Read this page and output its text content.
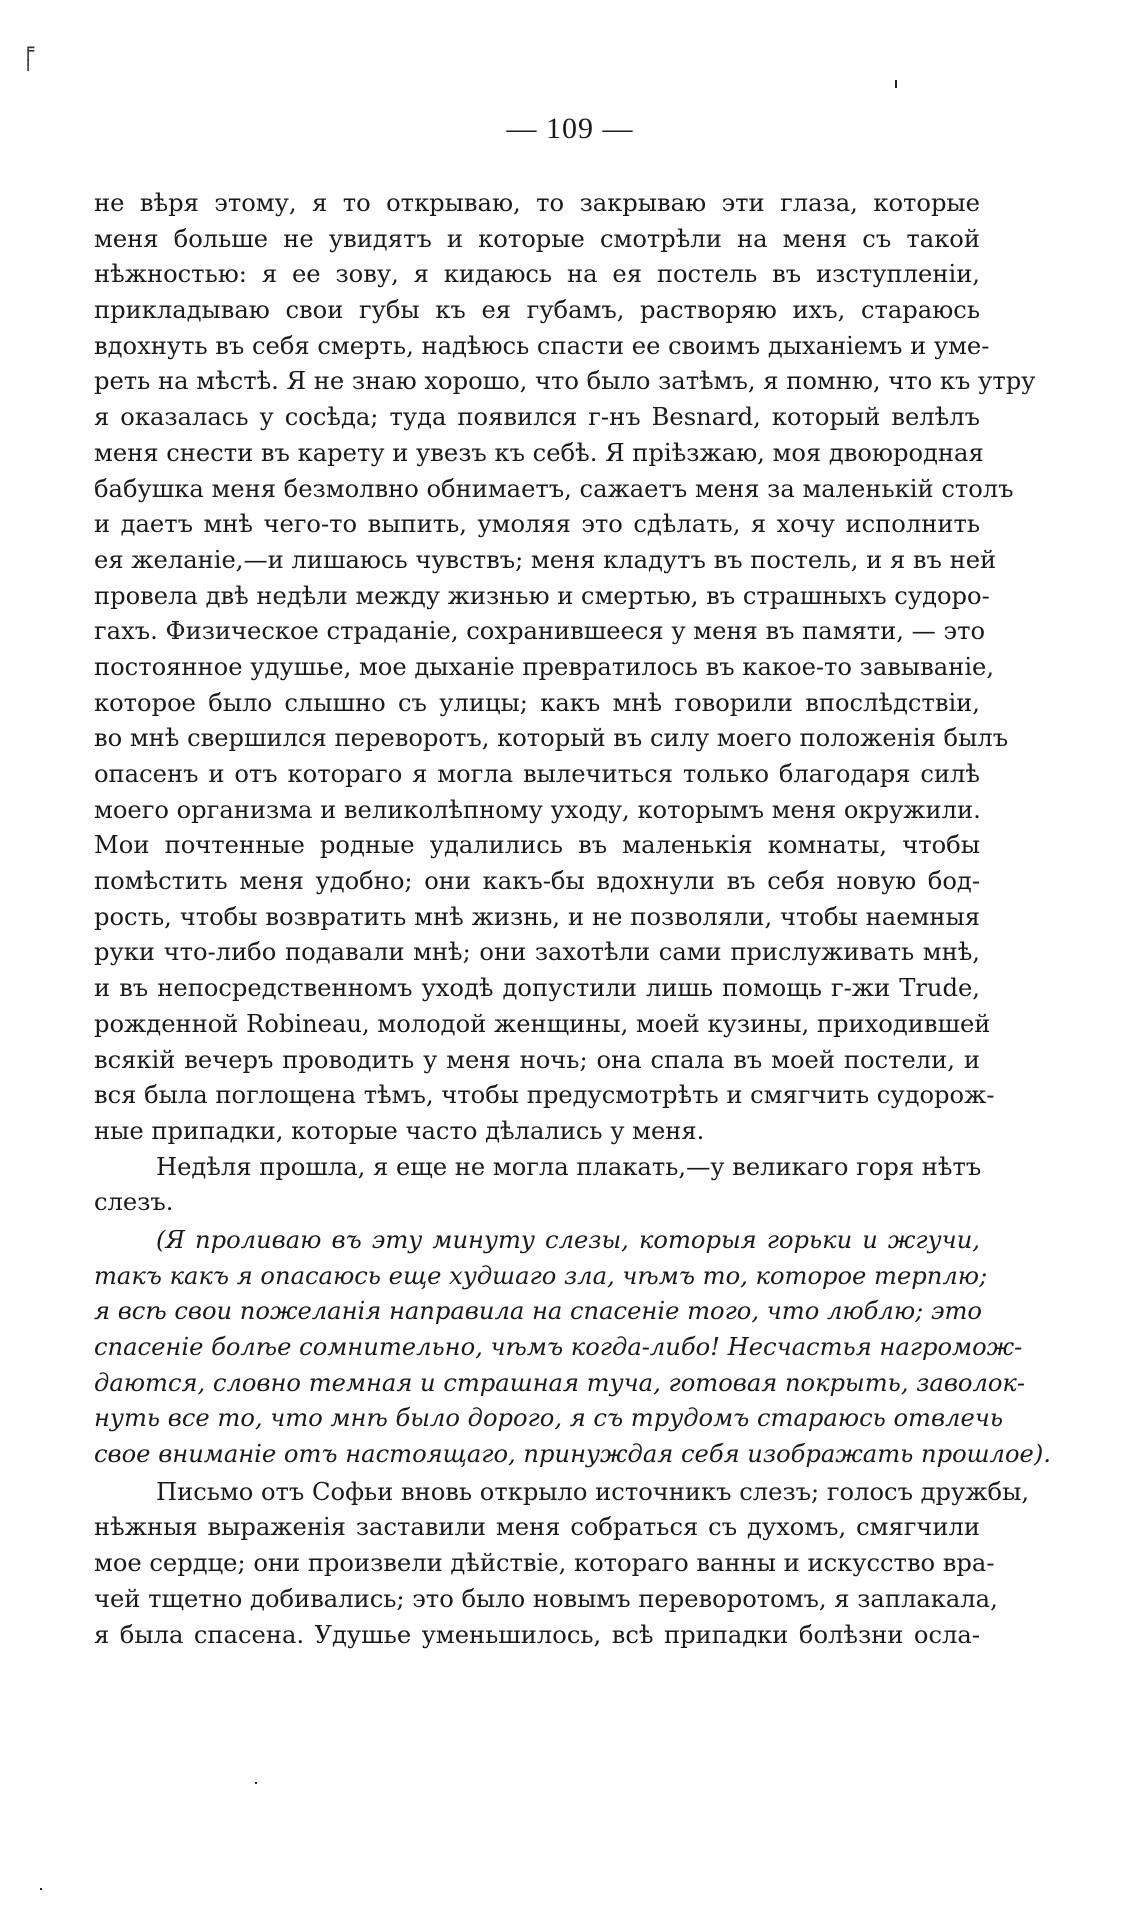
╒
╵
— 109 —
не вѣря этому, я то открываю, то закрываю эти глаза, которые
меня больше не увидятъ и которые смотрѣли на меня съ такой
нѣжностью: я ее зову, я кидаюсь на ея постель въ изступленіи,
прикладываю свои губы къ ея губамъ, растворяю ихъ, стараюсь
вдохнуть въ себя смерть, надѣюсь спасти ее своимъ дыханіемъ и уме-
реть на мѣстѣ. Я не знаю хорошо, что было затѣмъ, я помню, что къ утру
я оказалась у сосѣда; туда появился г-нъ Besnard, который велѣлъ
меня снести въ карету и увезъ къ себѣ. Я пріѣзжаю, моя двоюродная
бабушка меня безмолвно обнимаетъ, сажаетъ меня за маленькій столъ
и даетъ мнѣ чего-то выпить, умоляя это сдѣлать, я хочу исполнить
ея желаніе,—и лишаюсь чувствъ; меня кладутъ въ постель, и я въ ней
провела двѣ недѣли между жизнью и смертью, въ страшныхъ судоро-
гахъ. Физическое страданіе, сохранившееся у меня въ памяти, — это
постоянное удушье, мое дыханіе превратилось въ какое-то завываніе,
которое было слышно съ улицы; какъ мнѣ говорили впослѣдствіи,
во мнѣ свершился переворотъ, который въ силу моего положенія былъ
опасенъ и отъ котораго я могла вылечиться только благодаря силѣ
моего организма и великолѣпному уходу, которымъ меня окружили.
Мои почтенные родные удалились въ маленькія комнаты, чтобы
помѣстить меня удобно; они какъ-бы вдохнули въ себя новую бод-
рость, чтобы возвратить мнѣ жизнь, и не позволяли, чтобы наемныя
руки что-либо подавали мнѣ; они захотѣли сами прислуживать мнѣ,
и въ непосредственномъ уходѣ допустили лишь помощь г-жи Trude,
рожденной Robineau, молодой женщины, моей кузины, приходившей
всякій вечеръ проводить у меня ночь; она спала въ моей постели, и
вся была поглощена тѣмъ, чтобы предусмотрѣть и смягчить судорож-
ные припадки, которые часто дѣлались у меня.
Недѣля прошла, я еще не могла плакать,—у великаго горя нѣтъ
слезъ.
(Я проливаю въ эту минуту слезы, которыя горьки и жгучи,
такъ какъ я опасаюсь еще худшаго зла, чѣмъ то, которое терплю;
я всѣ свои пожеланія направила на спасеніе того, что люблю; это
спасеніе болѣе сомнительно, чѣмъ когда-либо! Несчастья нагромож-
даются, словно темная и страшная туча, готовая покрыть, заволок-
нуть все то, что мнѣ было дорого, я съ трудомъ стараюсь отвлечь
свое вниманіе отъ настоящаго, принуждая себя изображать прошлое).
Письмо отъ Софьи вновь открыло источникъ слезъ; голосъ дружбы,
нѣжныя выраженія заставили меня собраться съ духомъ, смягчили
мое сердце; они произвели дѣйствіе, котораго ванны и искусство вра-
чей тщетно добивались; это было новымъ переворотомъ, я заплакала,
я была спасена. Удушье уменьшилось, всѣ припадки болѣзни осла-
